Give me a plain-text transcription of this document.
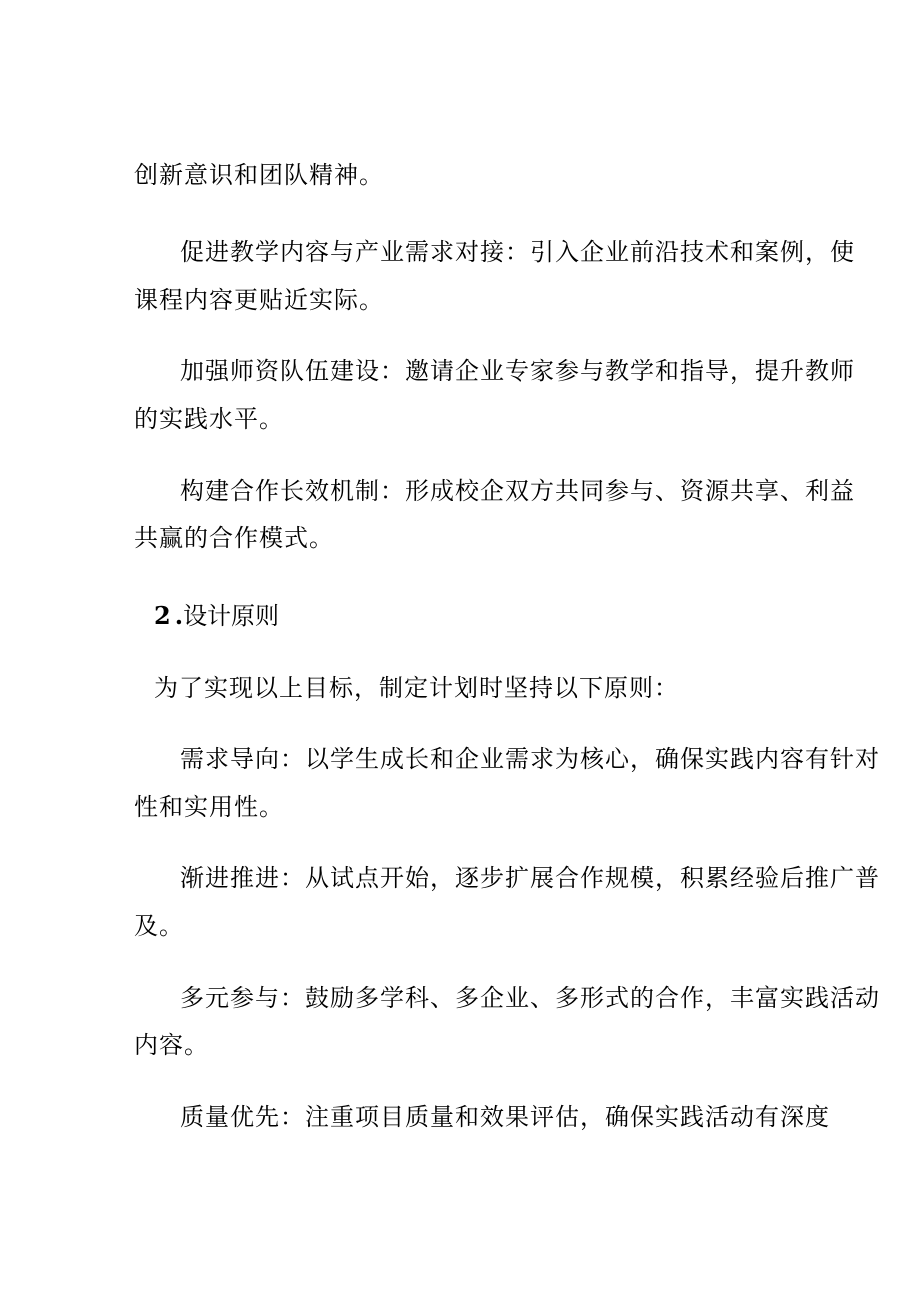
创新意识和团队精神。
促进教学内容与产业需求对接：引入企业前沿技术和案例，使
课程内容更贴近实际。
加强师资队伍建设：邀请企业专家参与教学和指导，提升教师
的实践水平。
构建合作长效机制：形成校企双方共同参与、资源共享、利益
共赢的合作模式。
2.设计原则
为了实现以上目标，制定计划时坚持以下原则：
需求导向：以学生成长和企业需求为核心，确保实践内容有针对
性和实用性。
渐进推进：从试点开始，逐步扩展合作规模，积累经验后推广普
及。
多元参与：鼓励多学科、多企业、多形式的合作，丰富实践活动
内容。
质量优先：注重项目质量和效果评估，确保实践活动有深度
